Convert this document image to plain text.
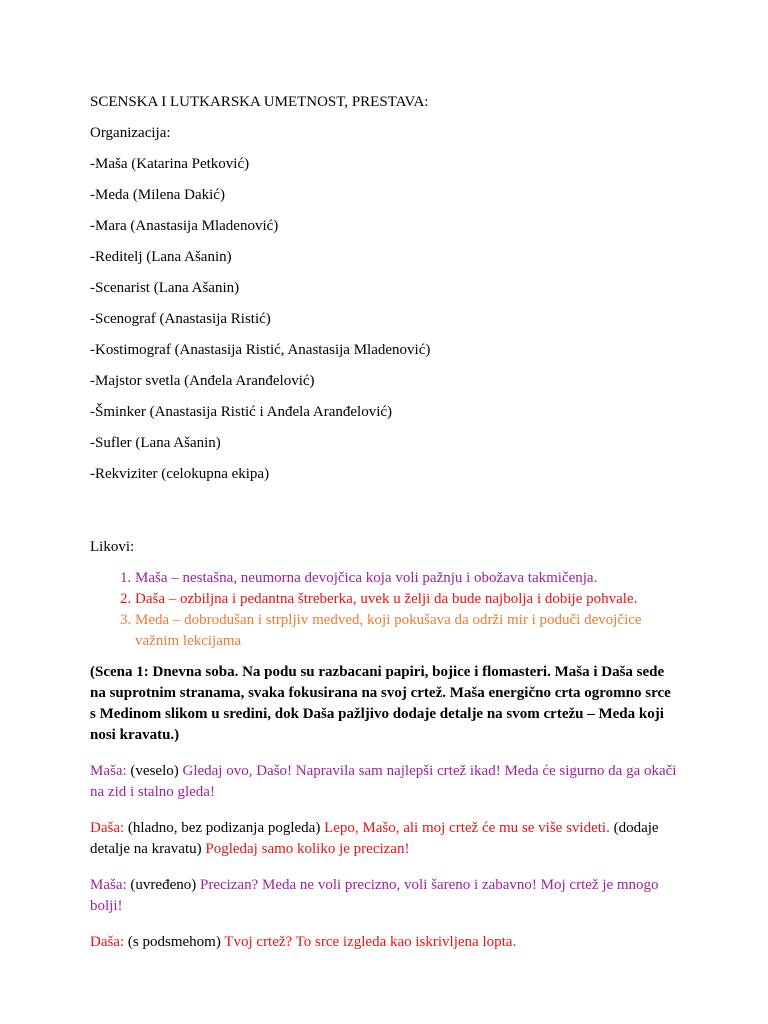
SCENSKA I LUTKARSKA UMETNOST, PRESTAVA:

Organizacija:

-Maša (Katarina Petković)

-Meda (Milena Dakić)

-Mara (Anastasija Mladenović)

-Reditelj (Lana Ašanin)

-Scenarist (Lana Ašanin)

-Scenograf (Anastasija Ristić)

-Kostimograf (Anastasija Ristić, Anastasija Mladenović)

-Majstor svetla (Anđela Aranđelović)

-Šminker (Anastasija Ristić i Anđela Aranđelović)

-Sufler (Lana Ašanin)

-Rekviziter (celokupna ekipa)

Likovi:

1. Maša – nestašna, neumorna devojčica koja voli pažnju i obožava takmičenja.
2. Daša – ozbiljna i pedantna štreberka, uvek u želji da bude najbolja i dobije pohvale.
3. Meda – dobrodušan i strpljiv medved, koji pokušava da održi mir i poduči devojčice važnim lekcijama

(Scena 1: Dnevna soba. Na podu su razbacani papiri, bojice i flomasteri. Maša i Daša sede na suprotnim stranama, svaka fokusirana na svoj crtež. Maša energično crta ogromno srce s Medinom slikom u sredini, dok Daša pažljivo dodaje detalje na svom crtežu – Meda koji nosi kravatu.)

Maša: (veselo) Gledaj ovo, Dašo! Napravila sam najlepši crtež ikad! Meda će sigurno da ga okači na zid i stalno gleda!

Daša: (hladno, bez podizanja pogleda) Lepo, Mašo, ali moj crtež će mu se više svideti. (dodaje detalje na kravatu) Pogledaj samo koliko je precizan!

Maša: (uvređeno) Precizan? Meda ne voli precizno, voli šareno i zabavno! Moj crtež je mnogo bolji!

Daša: (s podsmehom) Tvoj crtež? To srce izgleda kao iskrivljena lopta.
